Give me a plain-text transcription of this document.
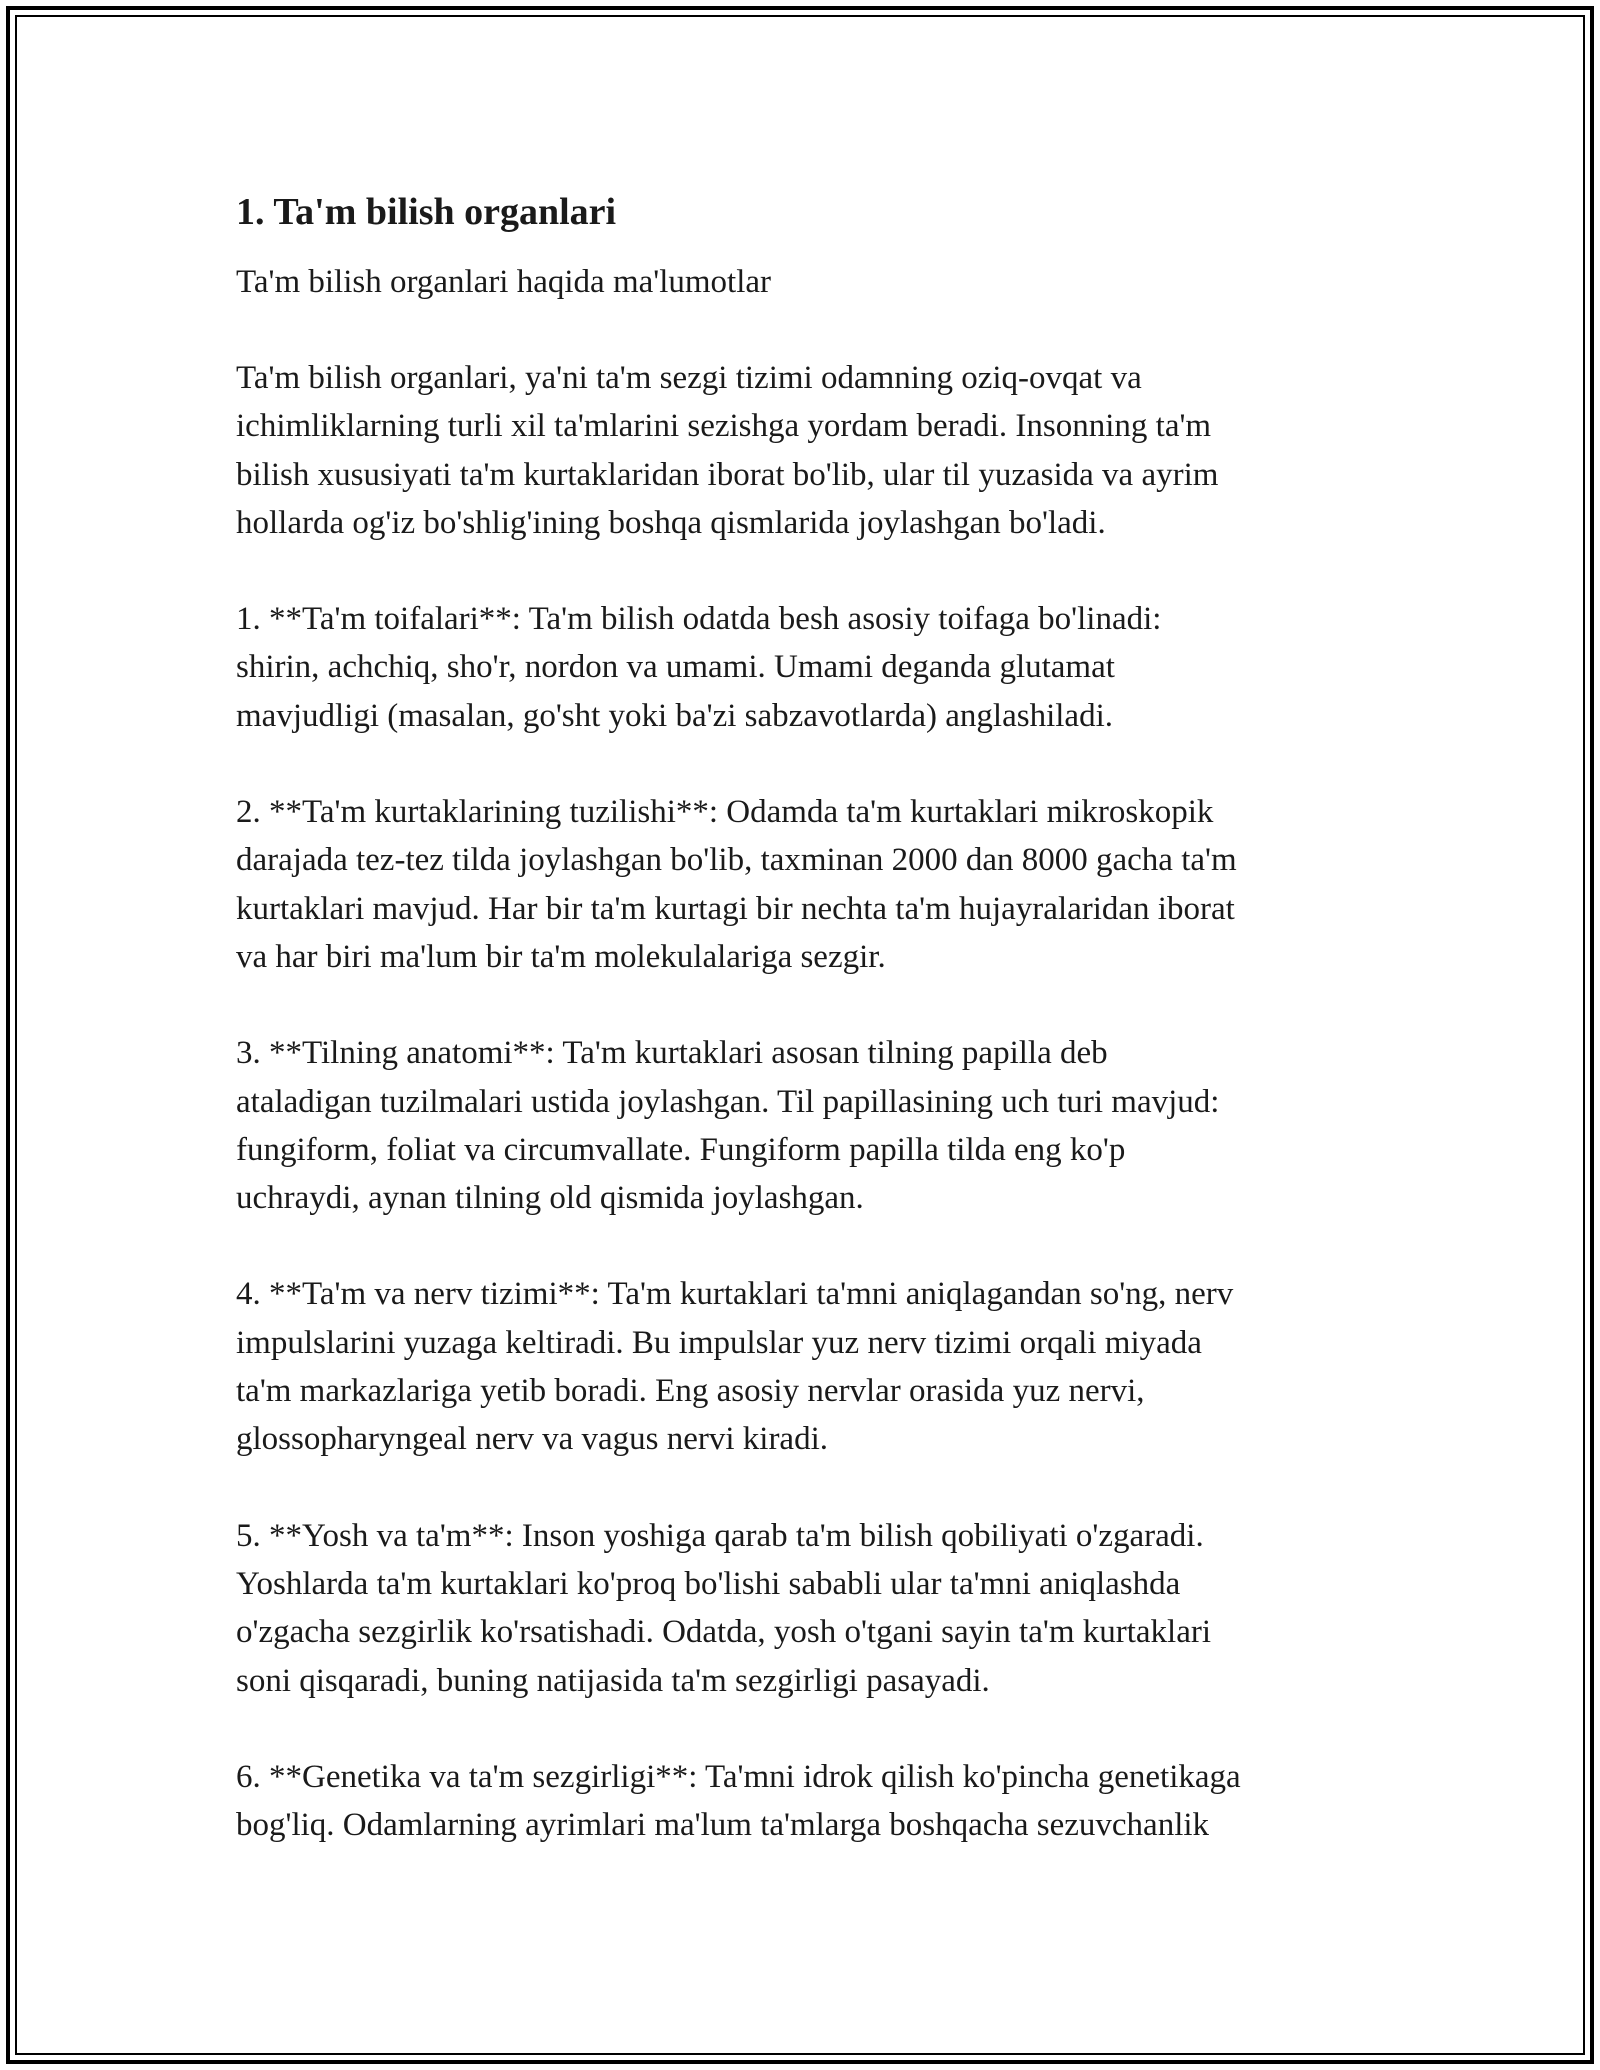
1. Ta'm bilish organlari

Ta'm bilish organlari haqida ma'lumotlar

Ta'm bilish organlari, ya'ni ta'm sezgi tizimi odamning oziq-ovqat va
ichimliklarning turli xil ta'mlarini sezishga yordam beradi. Insonning ta'm
bilish xususiyati ta'm kurtaklaridan iborat bo'lib, ular til yuzasida va ayrim
hollarda og'iz bo'shlig'ining boshqa qismlarida joylashgan bo'ladi.

1. **Ta'm toifalari**: Ta'm bilish odatda besh asosiy toifaga bo'linadi:
shirin, achchiq, sho'r, nordon va umami. Umami deganda glutamat
mavjudligi (masalan, go'sht yoki ba'zi sabzavotlarda) anglashiladi.

2. **Ta'm kurtaklarining tuzilishi**: Odamda ta'm kurtaklari mikroskopik
darajada tez-tez tilda joylashgan bo'lib, taxminan 2000 dan 8000 gacha ta'm
kurtaklari mavjud. Har bir ta'm kurtagi bir nechta ta'm hujayralaridan iborat
va har biri ma'lum bir ta'm molekulalariga sezgir.

3. **Tilning anatomi**: Ta'm kurtaklari asosan tilning papilla deb
ataladigan tuzilmalari ustida joylashgan. Til papillasining uch turi mavjud:
fungiform, foliat va circumvallate. Fungiform papilla tilda eng ko'p
uchraydi, aynan tilning old qismida joylashgan.

4. **Ta'm va nerv tizimi**: Ta'm kurtaklari ta'mni aniqlagandan so'ng, nerv
impulslarini yuzaga keltiradi. Bu impulslar yuz nerv tizimi orqali miyada
ta'm markazlariga yetib boradi. Eng asosiy nervlar orasida yuz nervi,
glossopharyngeal nerv va vagus nervi kiradi.

5. **Yosh va ta'm**: Inson yoshiga qarab ta'm bilish qobiliyati o'zgaradi.
Yoshlarda ta'm kurtaklari ko'proq bo'lishi sababli ular ta'mni aniqlashda
o'zgacha sezgirlik ko'rsatishadi. Odatda, yosh o'tgani sayin ta'm kurtaklari
soni qisqaradi, buning natijasida ta'm sezgirligi pasayadi.

6. **Genetika va ta'm sezgirligi**: Ta'mni idrok qilish ko'pincha genetikaga
bog'liq. Odamlarning ayrimlari ma'lum ta'mlarga boshqacha sezuvchanlik
